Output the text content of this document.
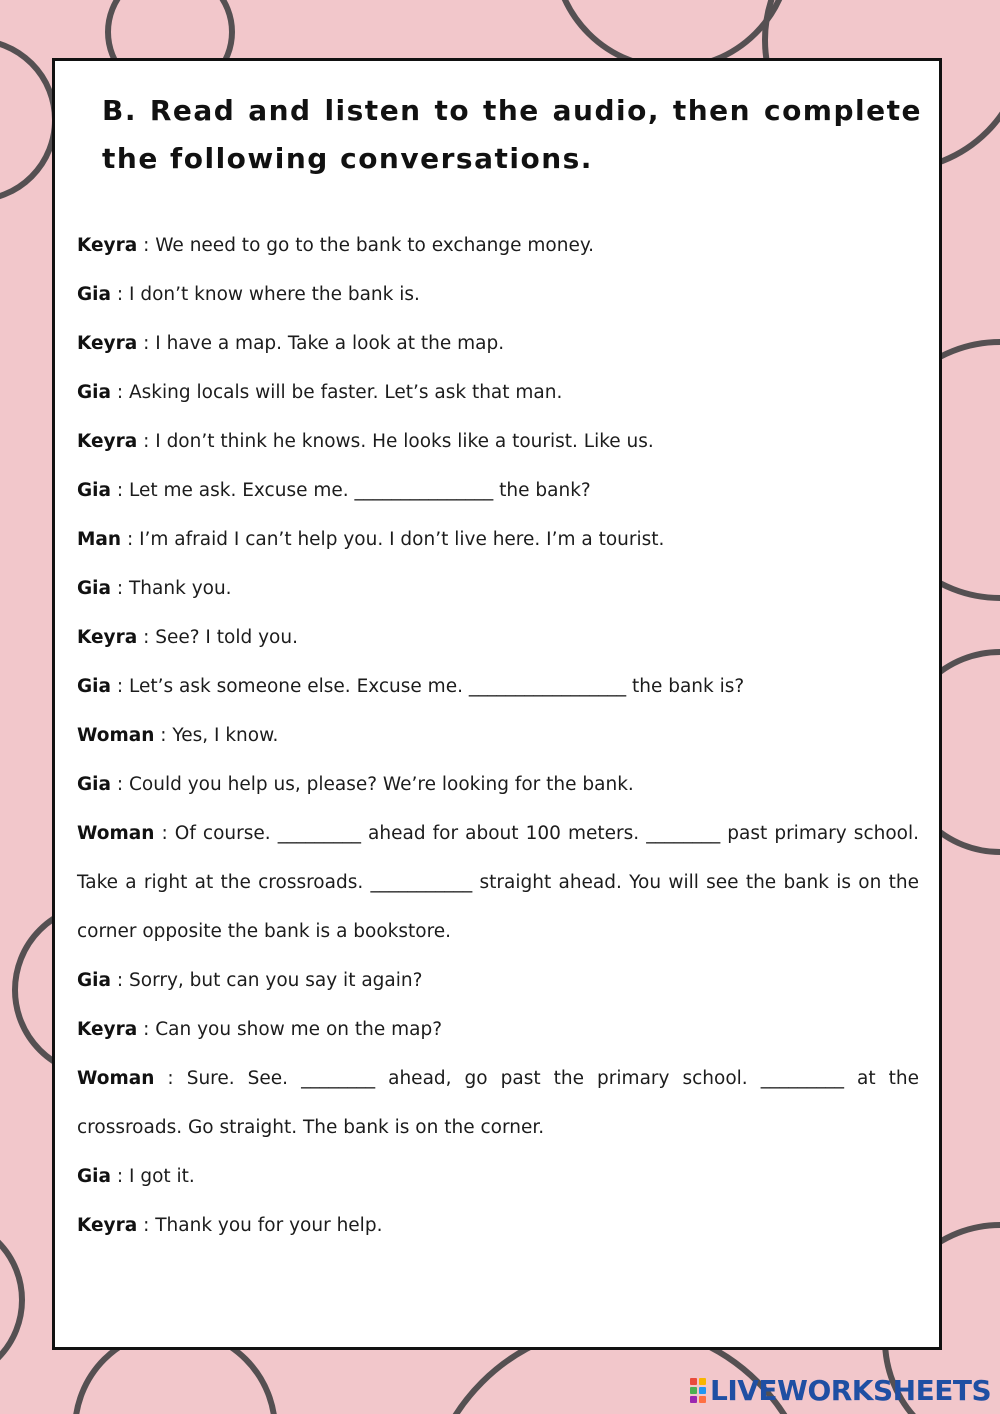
B. Read and listen to the audio, then complete the following conversations.

Keyra : We need to go to the bank to exchange money.

Gia : I don’t know where the bank is.

Keyra : I have a map. Take a look at the map.

Gia : Asking locals will be faster. Let’s ask that man.

Keyra : I don’t think he knows. He looks like a tourist. Like us.

Gia : Let me ask. Excuse me. _______________ the bank?

Man : I’m afraid I can’t help you. I don’t live here. I’m a tourist.

Gia : Thank you.

Keyra : See? I told you.

Gia : Let’s ask someone else. Excuse me. _________________ the bank is?

Woman : Yes, I know.

Gia : Could you help us, please? We’re looking for the bank.

Woman : Of course. _________ ahead for about 100 meters. ________ past primary school. Take a right at the crossroads. ___________ straight ahead. You will see the bank is on the corner opposite the bank is a bookstore.

Gia : Sorry, but can you say it again?

Keyra : Can you show me on the map?

Woman : Sure. See. ________ ahead, go past the primary school. _________ at the crossroads. Go straight. The bank is on the corner.

Gia : I got it.

Keyra : Thank you for your help.

LIVEWORKSHEETS
